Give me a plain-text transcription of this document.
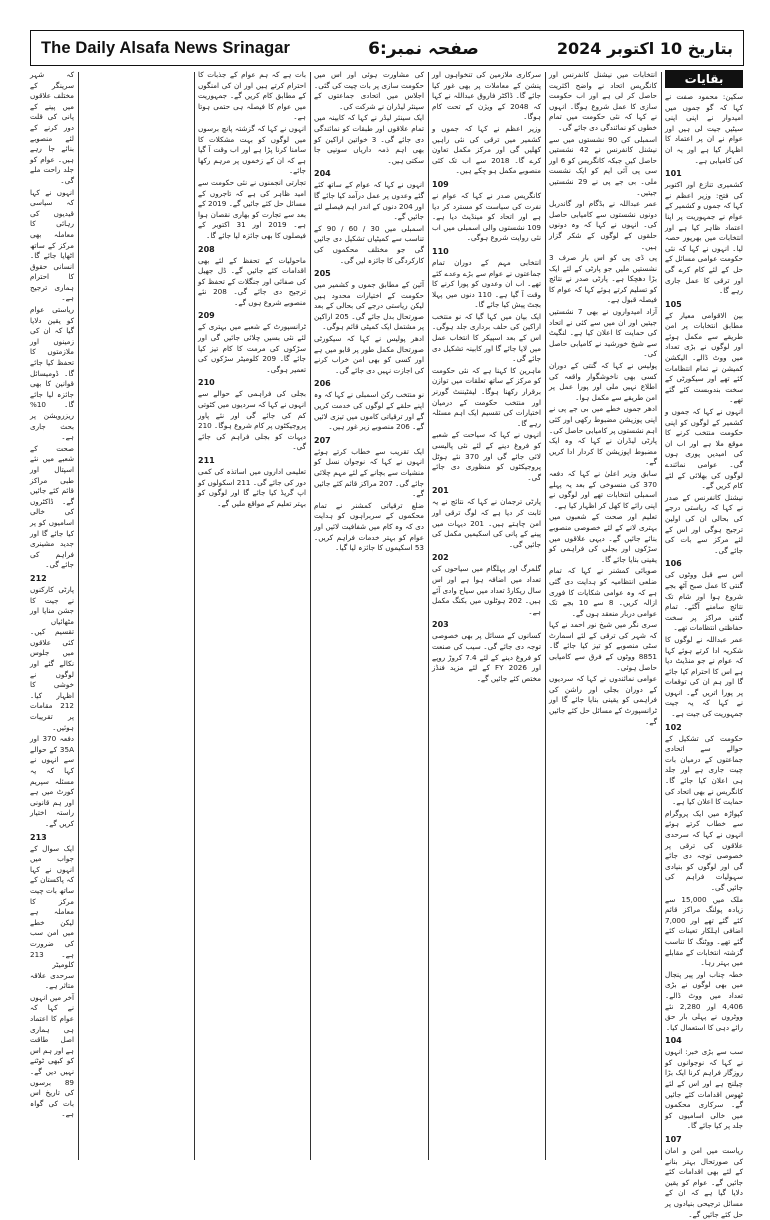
The Daily Alsafa News Srinagar	صفحہ نمبر:6	بتاریخ 10 اکتوبر 2024
بقایات

سکین: محمود صفت نے کہا کہ گو جموں میں امیدوار نے اپنی اپنی سیٹیں جیت لی ہیں اور عوام نے ان پر اعتماد کا اظہار کیا ہے اور یہ ان کی کامیابی ہے۔

101

کشمیری تنازع اور اکتوبر کی فتح: وزیر اعظم نے کہا کہ جموں و کشمیر کے عوام نے جمہوریت پر اپنا اعتماد ظاہر کیا ہے اور انتخابات میں بھرپور حصہ لیا۔ انہوں نے کہا کہ نئی حکومت عوامی مسائل کے حل کے لئے کام کرے گی اور ترقی کا عمل جاری رہے گا۔

105

بین الاقوامی معیار کے مطابق انتخابات پر امن طریقے سے مکمل ہوئے اور لوگوں نے بڑی تعداد میں ووٹ ڈالے۔ الیکشن کمیشن نے تمام انتظامات کئے تھے اور سیکورٹی کے سخت بندوبست کئے گئے تھے۔

انہوں نے کہا کہ جموں و کشمیر کے لوگوں کو اپنی حکومت منتخب کرنے کا موقع ملا ہے اور اب ان کی امیدیں پوری ہوں گی۔ عوامی نمائندے لوگوں کی بھلائی کے لئے کام کریں گے۔

نیشنل کانفرنس کے صدر نے کہا کہ ریاستی درجے کی بحالی ان کی اولین ترجیح ہوگی اور اس کے لئے مرکز سے بات کی جائے گی۔

106

اس سے قبل ووٹوں کی گنتی کا عمل صبح آٹھ بجے شروع ہوا اور شام تک نتائج سامنے آگئے۔ تمام گنتی مراکز پر سخت حفاظتی انتظامات تھے۔

عمر عبداللہ نے لوگوں کا شکریہ ادا کرتے ہوئے کہا کہ عوام نے جو منڈیٹ دیا ہے اس کا احترام کیا جائے گا اور ہم ان کی توقعات پر پورا اتریں گے۔ انہوں نے کہا کہ یہ جیت جمہوریت کی جیت ہے۔

102

حکومت کی تشکیل کے حوالے سے اتحادی جماعتوں کے درمیان بات چیت جاری ہے اور جلد ہی اعلان کیا جائے گا۔ کانگریس نے بھی اتحاد کی حمایت کا اعلان کیا ہے۔

کپواڑہ میں ایک پروگرام سے خطاب کرتے ہوئے انہوں نے کہا کہ سرحدی علاقوں کی ترقی پر خصوصی توجہ دی جائے گی اور لوگوں کو بنیادی سہولیات فراہم کی جائیں گی۔

ملک میں 15,000 سے زیادہ پولنگ مراکز قائم کئے گئے تھے اور 7,000 اضافی اہلکار تعینات کئے گئے تھے۔ ووٹنگ کا تناسب گزشتہ انتخابات کے مقابلے میں بہتر رہا۔

خطہ چناب اور پیر پنجال میں بھی لوگوں نے بڑی تعداد میں ووٹ ڈالے۔ 4,406 اور 2,280 نئے ووٹروں نے پہلی بار حق رائے دہی کا استعمال کیا۔

104

سب سے بڑی خبر: انہوں نے کہا کہ نوجوانوں کو روزگار فراہم کرنا ایک بڑا چیلنج ہے اور اس کے لئے ٹھوس اقدامات کئے جائیں گے۔ سرکاری محکموں میں خالی اسامیوں کو جلد پر کیا جائے گا۔

107

ریاست میں امن و امان کی صورتحال بہتر بنانے کے لئے بھی اقدامات کئے جائیں گے۔ عوام کو یقین دلایا گیا ہے کہ ان کے مسائل ترجیحی بنیادوں پر حل کئے جائیں گے۔

انتخابات میں نیشنل کانفرنس اور کانگریس اتحاد نے واضح اکثریت حاصل کر لی ہے اور اب حکومت سازی کا عمل شروع ہوگا۔ انہوں نے کہا کہ نئی حکومت میں تمام خطوں کو نمائندگی دی جائے گی۔

اسمبلی کی 90 نشستوں میں سے نیشنل کانفرنس نے 42 نشستیں حاصل کیں جبکہ کانگریس کو 6 اور سی پی آئی ایم کو ایک نشست ملی۔ بی جے پی نے 29 نشستیں جیتیں۔

عمر عبداللہ نے بڈگام اور گاندربل دونوں نشستوں سے کامیابی حاصل کی۔ انہوں نے کہا کہ وہ دونوں حلقوں کے لوگوں کے شکر گزار ہیں۔

پی ڈی پی کو اس بار صرف 3 نشستیں ملیں جو پارٹی کے لئے ایک بڑا دھچکا ہے۔ پارٹی صدر نے نتائج کو تسلیم کرتے ہوئے کہا کہ عوام کا فیصلہ قبول ہے۔

آزاد امیدواروں نے بھی 7 نشستیں جیتیں اور ان میں سے کئی نے اتحاد کی حمایت کا اعلان کیا ہے۔ لنگیٹ سے شیخ خورشید نے کامیابی حاصل کی۔

پولیس نے کہا کہ گنتی کے دوران کسی بھی ناخوشگوار واقعہ کی اطلاع نہیں ملی اور پورا عمل پر امن طریقے سے مکمل ہوا۔

ادھر جموں خطے میں بی جے پی نے اپنی پوزیشن مضبوط رکھی اور کئی اہم نشستوں پر کامیابی حاصل کی۔ پارٹی لیڈران نے کہا کہ وہ ایک مضبوط اپوزیشن کا کردار ادا کریں گے۔

سابق وزیر اعلیٰ نے کہا کہ دفعہ 370 کی منسوخی کے بعد یہ پہلے اسمبلی انتخابات تھے اور لوگوں نے اپنی رائے کا کھل کر اظہار کیا ہے۔

تعلیم اور صحت کے شعبوں میں بہتری لانے کے لئے خصوصی منصوبے بنائے جائیں گے۔ دیہی علاقوں میں سڑکوں اور بجلی کی فراہمی کو یقینی بنایا جائے گا۔

صوبائی کمشنر نے کہا کہ تمام ضلعی انتظامیہ کو ہدایت دی گئی ہے کہ وہ عوامی شکایات کا فوری ازالہ کریں۔ 8 سے 10 بجے تک عوامی دربار منعقد ہوں گے۔

سری نگر میں شیخ نور احمد نے کہا کہ شہر کی ترقی کے لئے اسمارٹ سٹی منصوبے کو تیز کیا جائے گا۔ 8851 ووٹوں کے فرق سے کامیابی حاصل ہوئی۔

عوامی نمائندوں نے کہا کہ سردیوں کے دوران بجلی اور راشن کی فراہمی کو یقینی بنایا جائے گا اور ٹرانسپورٹ کے مسائل حل کئے جائیں گے۔

سرکاری ملازمین کی تنخواہوں اور پنشن کے معاملات پر بھی غور کیا جائے گا۔ ڈاکٹر فاروق عبداللہ نے کہا کہ 2048 کے ویژن کے تحت کام ہوگا۔

وزیر اعظم نے کہا کہ جموں و کشمیر میں ترقی کی نئی راہیں کھلیں گی اور مرکز مکمل تعاون کرے گا۔ 2018 سے اب تک کئی منصوبے مکمل ہو چکے ہیں۔

109

کانگریس صدر نے کہا کہ عوام نے نفرت کی سیاست کو مسترد کر دیا ہے اور اتحاد کو مینڈیٹ دیا ہے۔ 109 نشستوں والی اسمبلی میں اب نئی روایت شروع ہوگی۔

110

انتخابی مہم کے دوران تمام جماعتوں نے عوام سے بڑے وعدے کئے تھے۔ اب ان وعدوں کو پورا کرنے کا وقت آ گیا ہے۔ 110 دنوں میں پہلا بجٹ پیش کیا جائے گا۔

ایک بیان میں کہا گیا کہ نو منتخب اراکین کی حلف برداری جلد ہوگی۔ اس کے بعد اسپیکر کا انتخاب عمل میں لایا جائے گا اور کابینہ تشکیل دی جائے گی۔

ماہرین کا کہنا ہے کہ نئی حکومت کو مرکز کے ساتھ تعلقات میں توازن برقرار رکھنا ہوگا۔ لیفٹیننٹ گورنر اور منتخب حکومت کے درمیان اختیارات کی تقسیم ایک اہم مسئلہ رہے گا۔

انہوں نے کہا کہ سیاحت کے شعبے کو فروغ دینے کے لئے نئی پالیسی لائی جائے گی اور 370 نئے ہوٹل پروجیکٹوں کو منظوری دی جائے گی۔

201

پارٹی ترجمان نے کہا کہ نتائج نے یہ ثابت کر دیا ہے کہ لوگ ترقی اور امن چاہتے ہیں۔ 201 دیہات میں پینے کے پانی کی اسکیمیں مکمل کی جائیں گی۔

202

گلمرگ اور پہلگام میں سیاحوں کی تعداد میں اضافہ ہوا ہے اور اس سال ریکارڈ تعداد میں سیاح وادی آئے ہیں۔ 202 ہوٹلوں میں بکنگ مکمل ہے۔

203

کسانوں کے مسائل پر بھی خصوصی توجہ دی جائے گی۔ سیب کی صنعت کو فروغ دینے کے لئے 7.4 کروڑ روپے اور FY 2026 کے لئے مزید فنڈز مختص کئے جائیں گے۔

کی مشاورت ہوئی اور اس میں حکومت سازی پر بات چیت کی گئی۔ اجلاس میں اتحادی جماعتوں کے سینئر لیڈران نے شرکت کی۔

ایک سینئر لیڈر نے کہا کہ کابینہ میں تمام علاقوں اور طبقات کو نمائندگی دی جائے گی۔ 3 خواتین اراکین کو بھی اہم ذمہ داریاں سونپی جا سکتی ہیں۔

204

انہوں نے کہا کہ عوام کے ساتھ کئے گئے وعدوں پر عمل درآمد کیا جائے گا اور 204 دنوں کے اندر اہم فیصلے لئے جائیں گے۔

اسمبلی میں 30 / 60 / 90 کے تناسب سے کمیٹیاں تشکیل دی جائیں گی جو مختلف محکموں کی کارکردگی کا جائزہ لیں گی۔

205

آئین کے مطابق جموں و کشمیر میں حکومت کے اختیارات محدود ہیں لیکن ریاستی درجے کی بحالی کے بعد صورتحال بدل جائے گی۔ 205 اراکین پر مشتمل ایک کمیٹی قائم ہوگی۔

ادھر پولیس نے کہا کہ سیکورٹی صورتحال مکمل طور پر قابو میں ہے اور کسی کو بھی امن خراب کرنے کی اجازت نہیں دی جائے گی۔

206

نو منتخب رکن اسمبلی نے کہا کہ وہ اپنے حلقے کے لوگوں کی خدمت کریں گے اور ترقیاتی کاموں میں تیزی لائیں گے۔ 206 منصوبے زیر غور ہیں۔

207

ایک تقریب سے خطاب کرتے ہوئے انہوں نے کہا کہ نوجوان نسل کو منشیات سے بچانے کے لئے مہم چلائی جائے گی۔ 207 مراکز قائم کئے جائیں گے۔

ضلع ترقیاتی کمشنر نے تمام محکموں کے سربراہوں کو ہدایت دی کہ وہ کام میں شفافیت لائیں اور عوام کو بہتر خدمات فراہم کریں۔ 53 اسکیموں کا جائزہ لیا گیا۔

بات ہے کہ ہم عوام کے جذبات کا احترام کرتے ہیں اور ان کی امنگوں کے مطابق کام کریں گے۔ جمہوریت میں عوام کا فیصلہ ہی حتمی ہوتا ہے۔

انہوں نے کہا کہ گزشتہ پانچ برسوں میں لوگوں کو بہت مشکلات کا سامنا کرنا پڑا ہے اور اب وقت آ گیا ہے کہ ان کے زخموں پر مرہم رکھا جائے۔

تجارتی انجمنوں نے نئی حکومت سے امید ظاہر کی ہے کہ تاجروں کے مسائل حل کئے جائیں گے۔ 2019 کے بعد سے تجارت کو بھاری نقصان ہوا ہے۔ 2019 اور 31 اکتوبر کے فیصلوں کا بھی جائزہ لیا جائے گا۔

208

ماحولیات کے تحفظ کے لئے بھی اقدامات کئے جائیں گے۔ ڈل جھیل کی صفائی اور جنگلات کے تحفظ کو ترجیح دی جائے گی۔ 208 نئے منصوبے شروع ہوں گے۔

209

ٹرانسپورٹ کے شعبے میں بہتری کے لئے نئی بسیں چلائی جائیں گی اور سڑکوں کی مرمت کا کام تیز کیا جائے گا۔ 209 کلومیٹر سڑکوں کی تعمیر ہوگی۔

210

بجلی کی فراہمی کے حوالے سے انہوں نے کہا کہ سردیوں میں کٹوتی کم کی جائے گی اور نئے پاور پروجیکٹوں پر کام شروع ہوگا۔ 210 دیہات کو بجلی فراہم کی جائے گی۔

211

تعلیمی اداروں میں اساتذہ کی کمی دور کی جائے گی۔ 211 اسکولوں کو اپ گریڈ کیا جائے گا اور لوگوں کو بہتر تعلیم کے مواقع ملیں گے۔

کہ شہر سرینگر کے مختلف علاقوں میں پینے کے پانی کی قلت دور کرنے کے لئے منصوبے بنائے جا رہے ہیں۔ عوام کو جلد راحت ملے گی۔

انہوں نے کہا کہ سیاسی قیدیوں کی رہائی کا معاملہ بھی مرکز کے ساتھ اٹھایا جائے گا۔ انسانی حقوق کا احترام ہماری ترجیح ہے۔

ریاستی عوام کو یقین دلایا گیا کہ ان کی زمینوں اور ملازمتوں کا تحفظ کیا جائے گا۔ ڈومیسائل قوانین کا بھی جائزہ لیا جائے گا۔ 10% ریزرویشن پر بحث جاری ہے۔

صحت کے شعبے میں نئے اسپتال اور طبی مراکز قائم کئے جائیں گے۔ ڈاکٹروں کی خالی اسامیوں کو پر کیا جائے گا اور جدید مشینری فراہم کی جائے گی۔

212

پارٹی کارکنوں نے جیت کا جشن منایا اور مٹھائیاں تقسیم کیں۔ کئی علاقوں میں جلوس نکالے گئے اور لوگوں نے خوشی کا اظہار کیا۔ 212 مقامات پر تقریبات ہوئیں۔

دفعہ 370 اور 35A کے حوالے سے انہوں نے کہا کہ یہ مسئلہ سپریم کورٹ میں ہے اور ہم قانونی راستہ اختیار کریں گے۔

213

ایک سوال کے جواب میں انہوں نے کہا کہ پاکستان کے ساتھ بات چیت مرکز کا معاملہ ہے لیکن خطے میں امن سب کی ضرورت ہے۔ 213 کلومیٹر سرحدی علاقہ متاثر ہے۔

آخر میں انہوں نے کہا کہ عوام کا اعتماد ہی ہماری اصل طاقت ہے اور ہم اس کو کبھی ٹوٹنے نہیں دیں گے۔ 89 برسوں کی تاریخ اس بات کی گواہ ہے۔
